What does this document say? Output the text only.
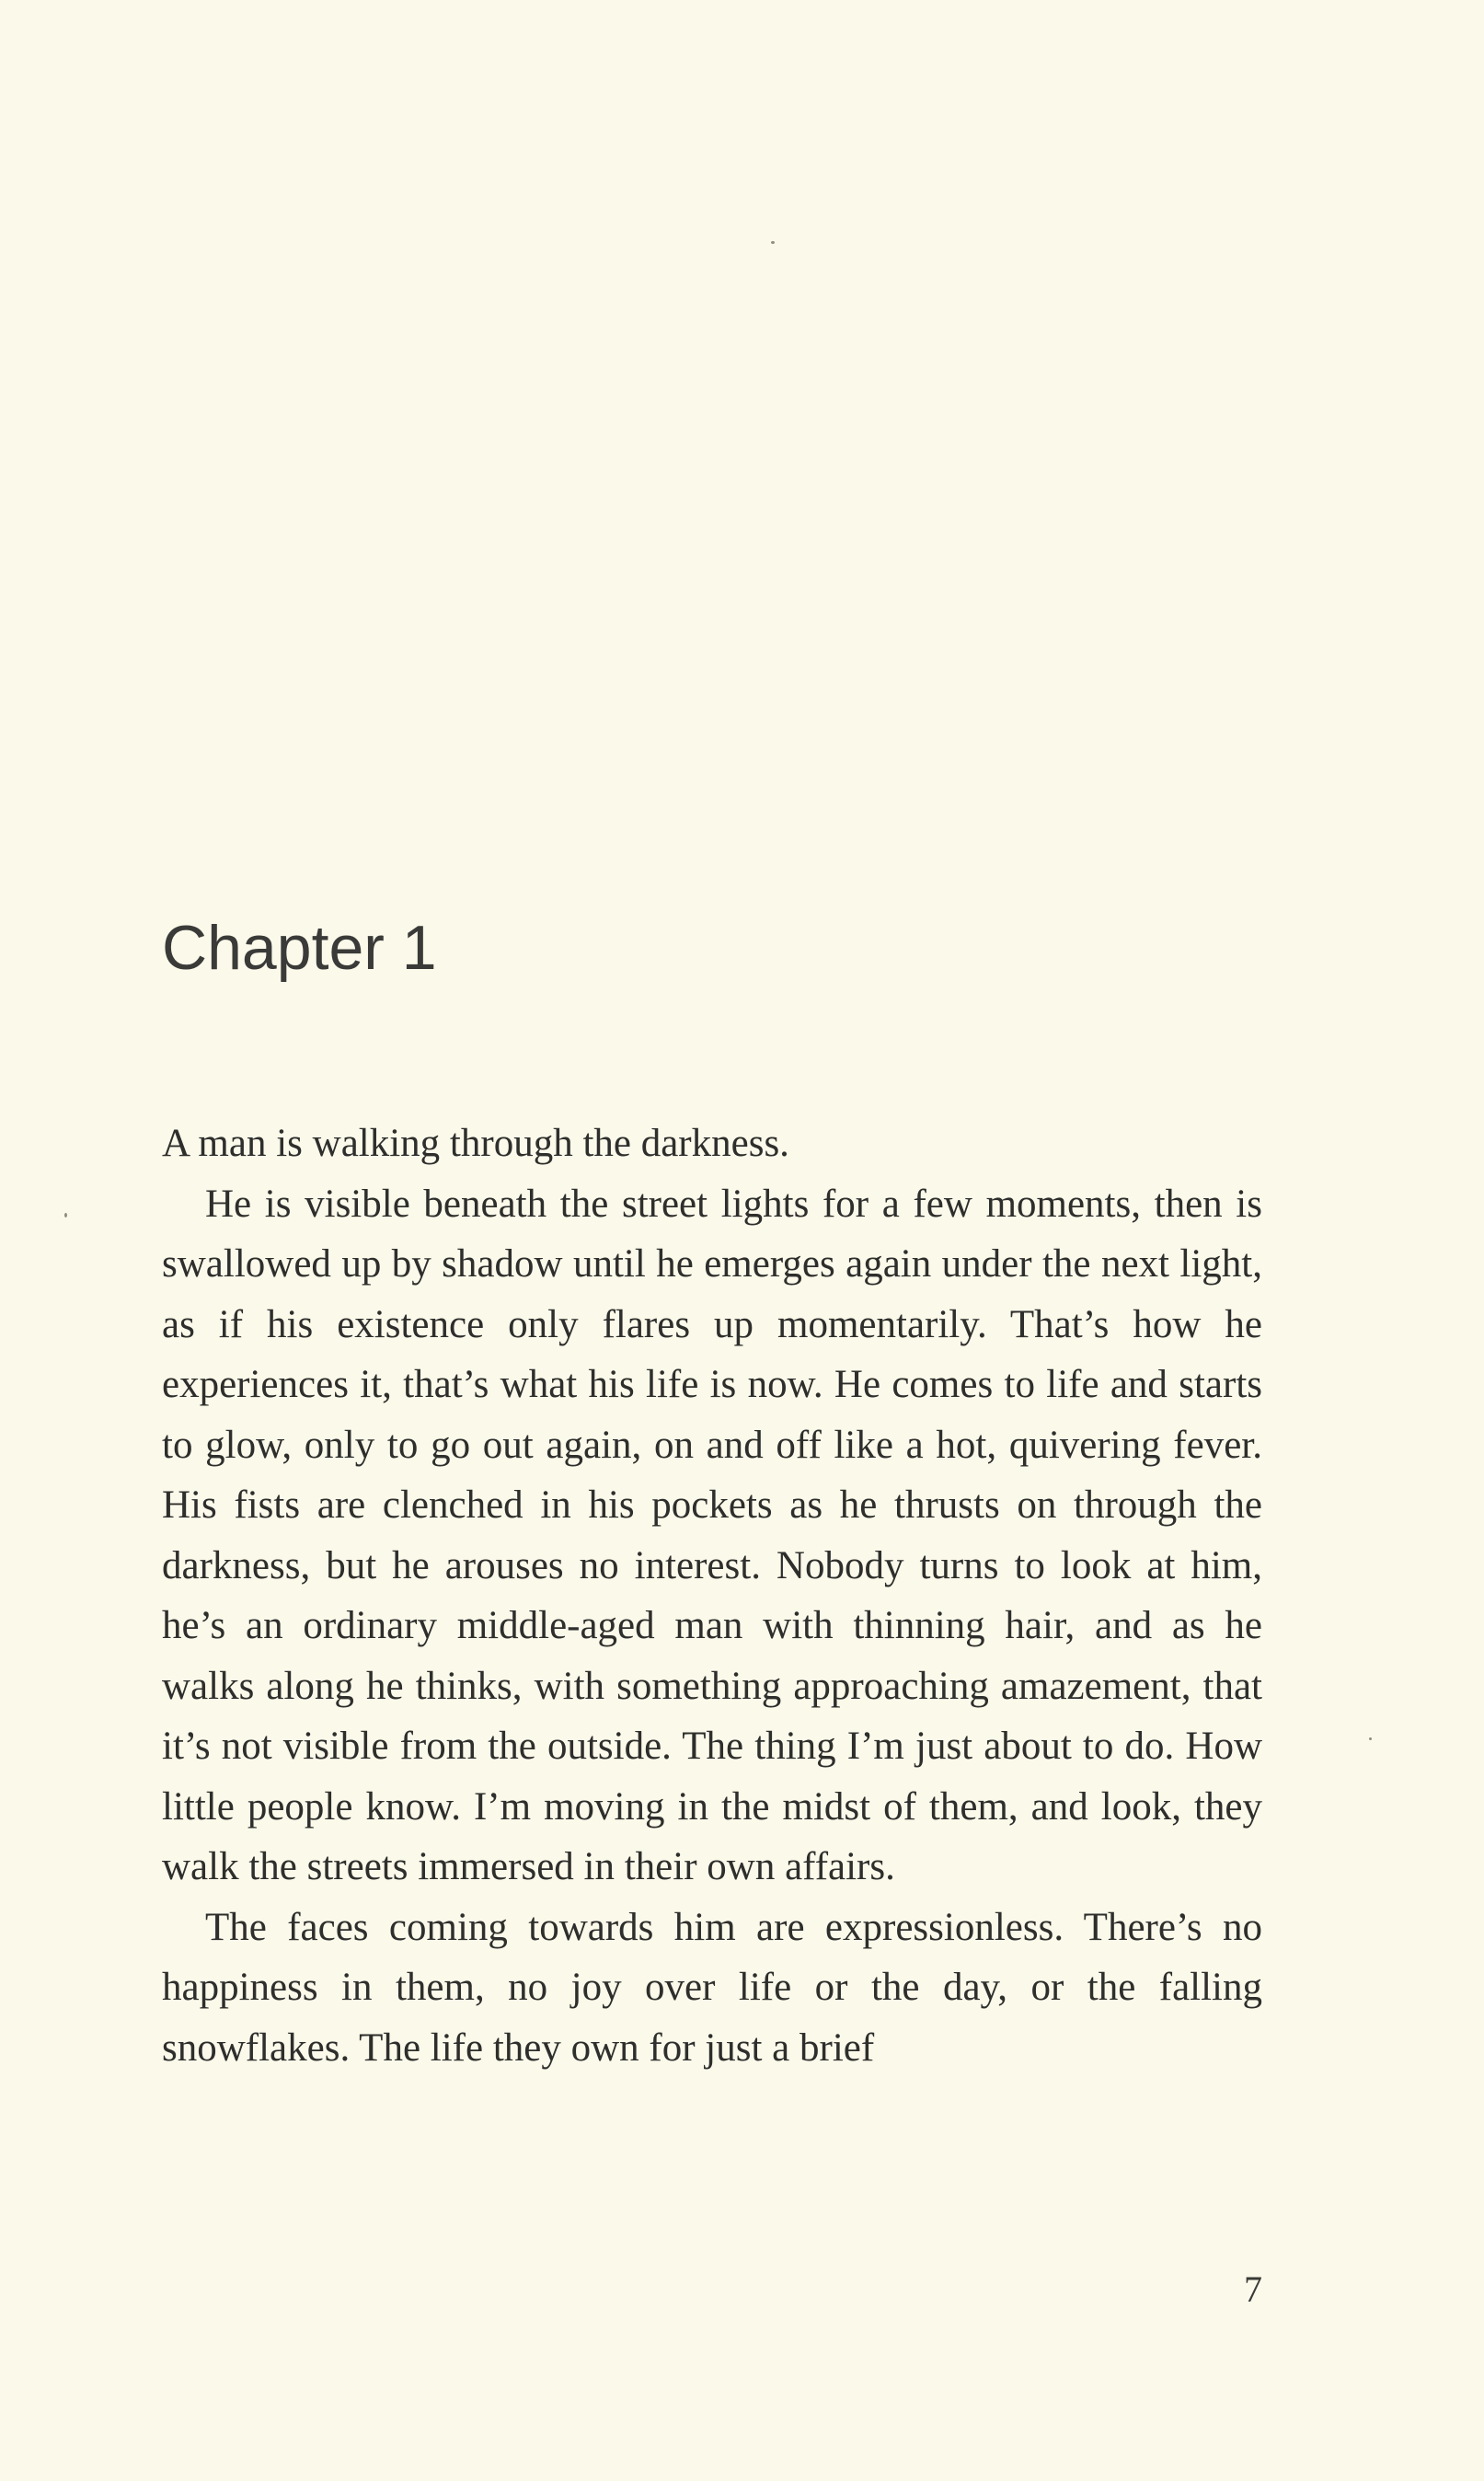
Chapter 1

A man is walking through the darkness.

He is visible beneath the street lights for a few moments, then is swallowed up by shadow until he emerges again under the next light, as if his existence only flares up momentarily. That’s how he experiences it, that’s what his life is now. He comes to life and starts to glow, only to go out again, on and off like a hot, quivering fever. His fists are clenched in his pockets as he thrusts on through the darkness, but he arouses no interest. Nobody turns to look at him, he’s an ordinary middle-aged man with thinning hair, and as he walks along he thinks, with something approaching amazement, that it’s not visible from the outside. The thing I’m just about to do. How little people know. I’m moving in the midst of them, and look, they walk the streets immersed in their own affairs.

The faces coming towards him are expressionless. There’s no happiness in them, no joy over life or the day, or the falling snowflakes. The life they own for just a brief

7
